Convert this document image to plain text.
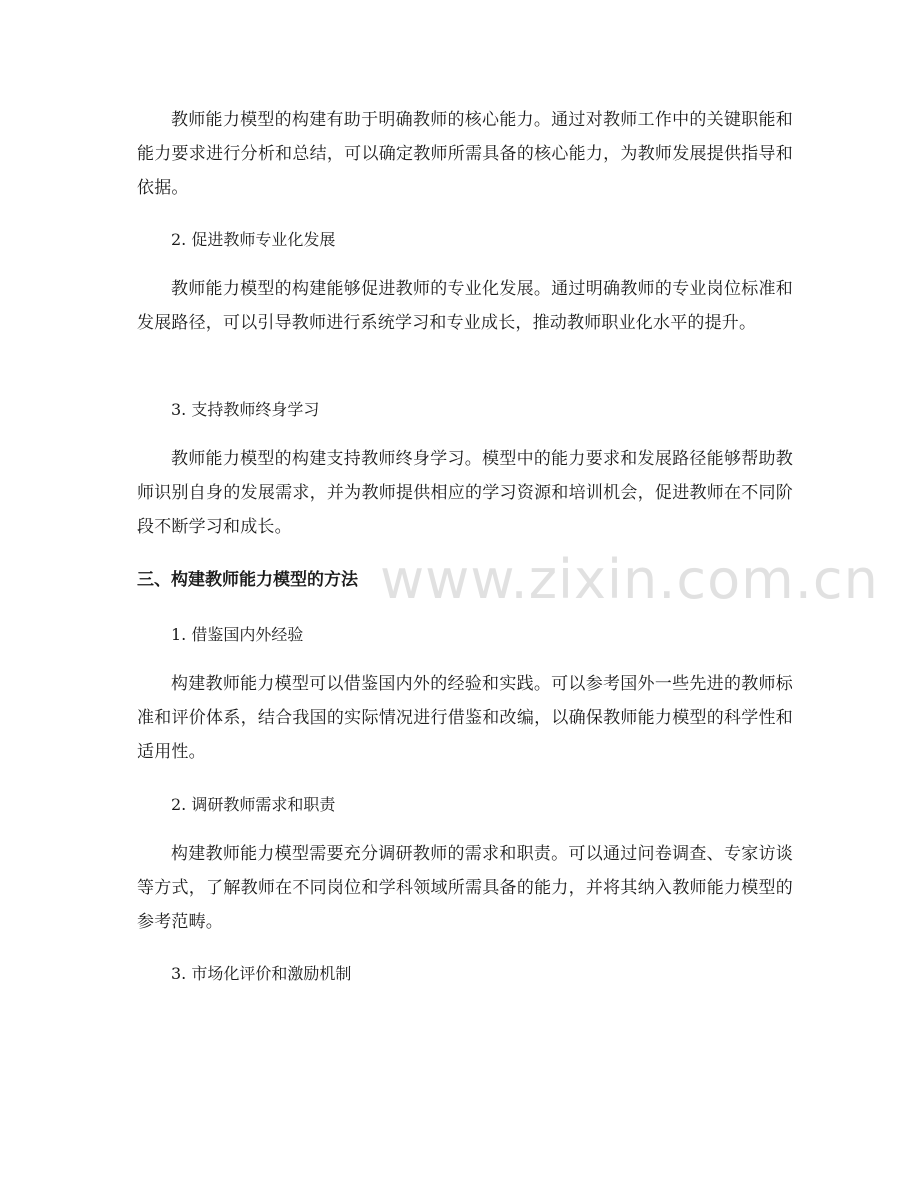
教师能力模型的构建有助于明确教师的核心能力。通过对教师工作中的关键职能和能力要求进行分析和总结，可以确定教师所需具备的核心能力，为教师发展提供指导和依据。

2. 促进教师专业化发展

教师能力模型的构建能够促进教师的专业化发展。通过明确教师的专业岗位标准和发展路径，可以引导教师进行系统学习和专业成长，推动教师职业化水平的提升。

3. 支持教师终身学习

教师能力模型的构建支持教师终身学习。模型中的能力要求和发展路径能够帮助教师识别自身的发展需求，并为教师提供相应的学习资源和培训机会，促进教师在不同阶段不断学习和成长。

三、构建教师能力模型的方法

1. 借鉴国内外经验

构建教师能力模型可以借鉴国内外的经验和实践。可以参考国外一些先进的教师标准和评价体系，结合我国的实际情况进行借鉴和改编，以确保教师能力模型的科学性和适用性。

2. 调研教师需求和职责

构建教师能力模型需要充分调研教师的需求和职责。可以通过问卷调查、专家访谈等方式，了解教师在不同岗位和学科领域所需具备的能力，并将其纳入教师能力模型的参考范畴。

3. 市场化评价和激励机制

www.zixin.com.cn
